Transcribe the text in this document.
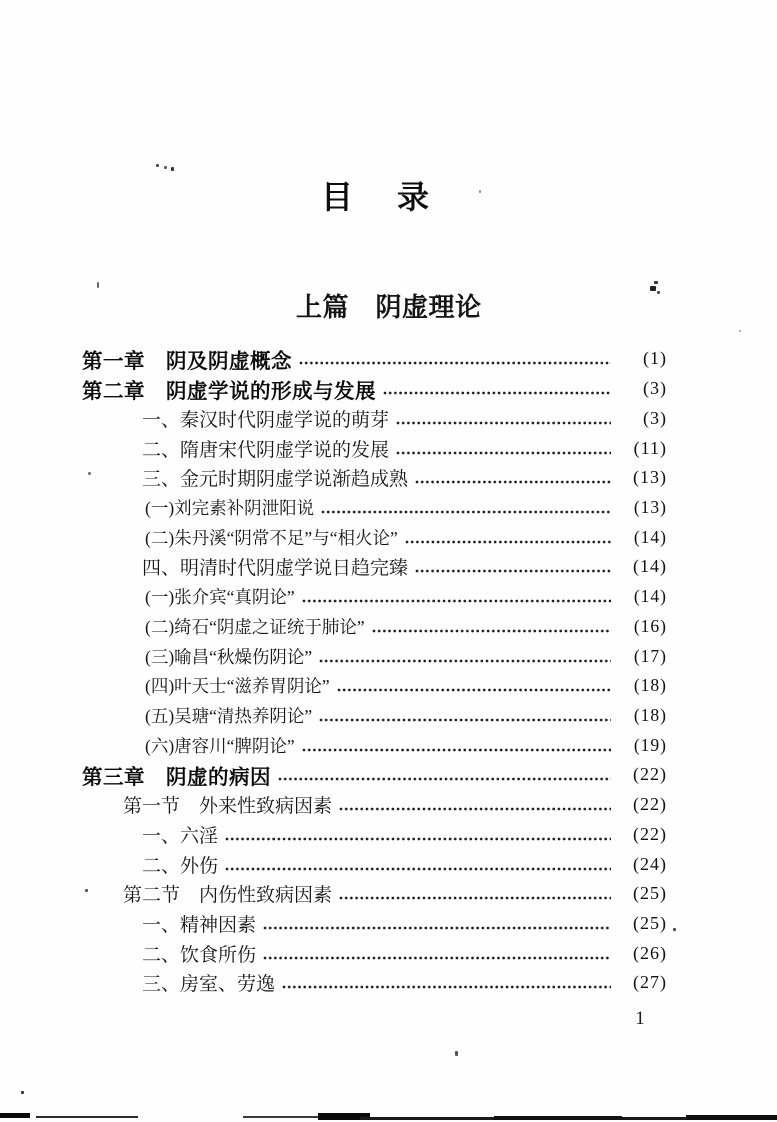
目　录
上篇　阴虚理论
第一章　阴及阴虚概念	(1)
第二章　阴虚学说的形成与发展	(3)
一、秦汉时代阴虚学说的萌芽	(3)
二、隋唐宋代阴虚学说的发展	(11)
三、金元时期阴虚学说渐趋成熟	(13)
(一)刘完素补阴泄阳说	(13)
(二)朱丹溪“阴常不足”与“相火论”	(14)
四、明清时代阴虚学说日趋完臻	(14)
(一)张介宾“真阴论”	(14)
(二)绮石“阴虚之证统于肺论”	(16)
(三)喻昌“秋燥伤阴论”	(17)
(四)叶天士“滋养胃阴论”	(18)
(五)吴瑭“清热养阴论”	(18)
(六)唐容川“脾阴论”	(19)
第三章　阴虚的病因	(22)
第一节　外来性致病因素	(22)
一、六淫	(22)
二、外伤	(24)
第二节　内伤性致病因素	(25)
一、精神因素	(25)
二、饮食所伤	(26)
三、房室、劳逸	(27)
1
